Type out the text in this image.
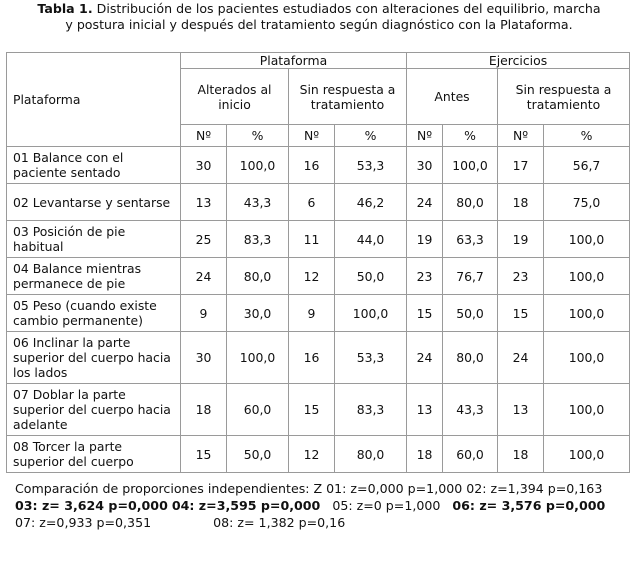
Tabla 1. Distribución de los pacientes estudiados con alteraciones del equilibrio, marcha
y postura inicial y después del tratamiento según diagnóstico con la Plataforma.
Plataforma	Plataforma				Ejercicios			
	Alterados al inicio		Sin respuesta a tratamiento		Antes		Sin respuesta a tratamiento	
	Nº	%	Nº	%	Nº	%	Nº	%
01 Balance con el paciente sentado	30	100,0	16	53,3	30	100,0	17	56,7
02 Levantarse y sentarse	13	43,3	6	46,2	24	80,0	18	75,0
03 Posición de pie habitual	25	83,3	11	44,0	19	63,3	19	100,0
04 Balance mientras permanece de pie	24	80,0	12	50,0	23	76,7	23	100,0
05 Peso (cuando existe cambio permanente)	9	30,0	9	100,0	15	50,0	15	100,0
06 Inclinar la parte superior del cuerpo hacia los lados	30	100,0	16	53,3	24	80,0	24	100,0
07 Doblar la parte superior del cuerpo hacia adelante	18	60,0	15	83,3	13	43,3	13	100,0
08 Torcer la parte superior del cuerpo	15	50,0	12	80,0	18	60,0	18	100,0
Comparación de proporciones independientes: Z 01: z=0,000 p=1,000 02: z=1,394 p=0,163
03: z= 3,624 p=0,000 04: z=3,595 p=0,000 05: z=0 p=1,000 06: z= 3,576 p=0,000
07: z=0,933 p=0,351	08: z= 1,382 p=0,16
